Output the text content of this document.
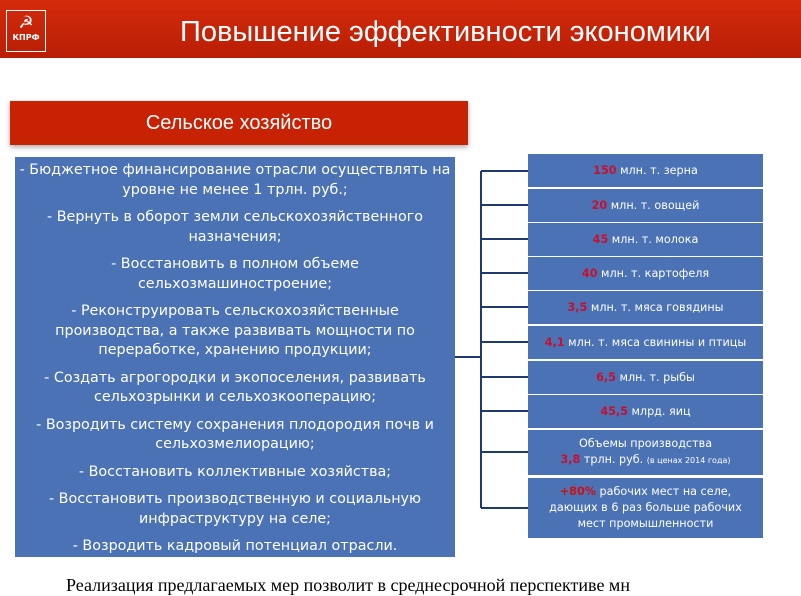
☭
КПРФ	Повышение эффективности экономики
Сельское хозяйство
- Бюджетное финансирование отрасли осуществлять на уровне не менее 1 трлн. руб.;
- Вернуть в оборот земли сельскохозяйственного назначения;
- Восстановить в полном объеме сельхозмашиностроение;
- Реконструировать сельскохозяйственные производства, а также развивать мощности по переработке, хранению продукции;
- Создать агрогородки и экопоселения, развивать сельхозрынки и сельхозкооперацию;
- Возродить систему сохранения плодородия почв и сельхозмелиорацию;
- Восстановить коллективные хозяйства;
- Восстановить производственную и социальную инфраструктуру на селе;
- Возродить кадровый потенциал отрасли.
150 млн. т. зерна
20 млн. т. овощей
45 млн. т. молока
40 млн. т. картофеля
3,5 млн. т. мяса говядины
4,1 млн. т. мяса свинины и птицы
6,5 млн. т. рыбы
45,5 млрд. яиц
Объемы производства
3,8 трлн. руб. (в ценах 2014 года)
+80% рабочих мест на селе,
дающих в 6 раз больше рабочих мест промышленности
Реализация предлагаемых мер позволит в среднесрочной перспективе мн
